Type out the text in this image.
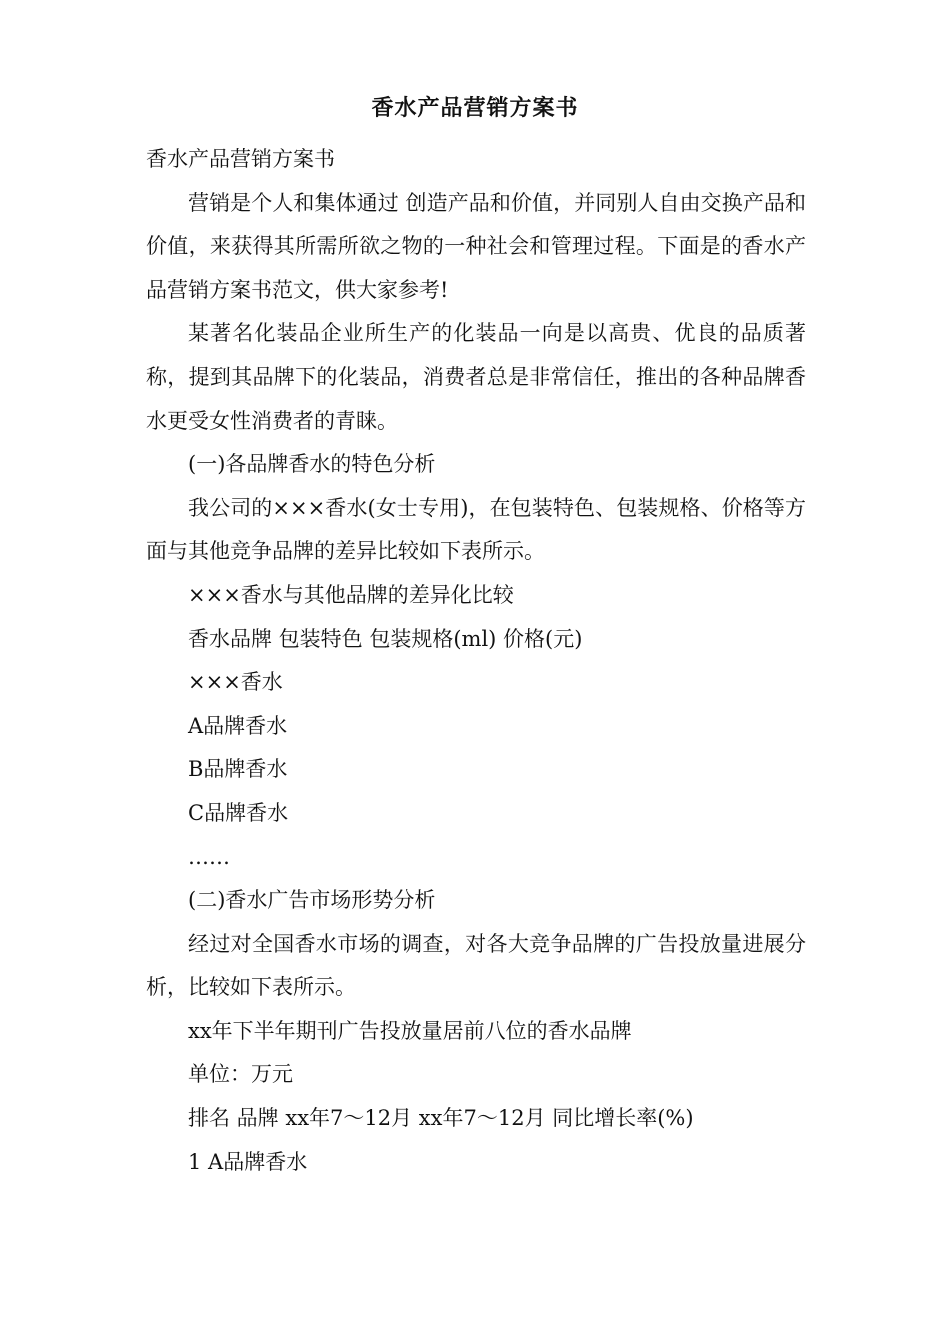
香水产品营销方案书

香水产品营销方案书

营销是个人和集体通过 创造产品和价值，并同别人自由交换产品和价值，来获得其所需所欲之物的一种社会和管理过程。下面是的香水产品营销方案书范文，供大家参考!

某著名化装品企业所生产的化装品一向是以高贵、优良的品质著称，提到其品牌下的化装品，消费者总是非常信任，推出的各种品牌香水更受女性消费者的青睐。

(一)各品牌香水的特色分析

我公司的×××香水(女士专用)，在包装特色、包装规格、价格等方面与其他竞争品牌的差异比较如下表所示。

×××香水与其他品牌的差异化比较

香水品牌 包装特色 包装规格(ml) 价格(元)

×××香水

A品牌香水

B品牌香水

C品牌香水

……

(二)香水广告市场形势分析

经过对全国香水市场的调查，对各大竞争品牌的广告投放量进展分析，比较如下表所示。

xx年下半年期刊广告投放量居前八位的香水品牌

单位：万元

排名 品牌 xx年7～12月 xx年7～12月 同比增长率(%)

1 A品牌香水
